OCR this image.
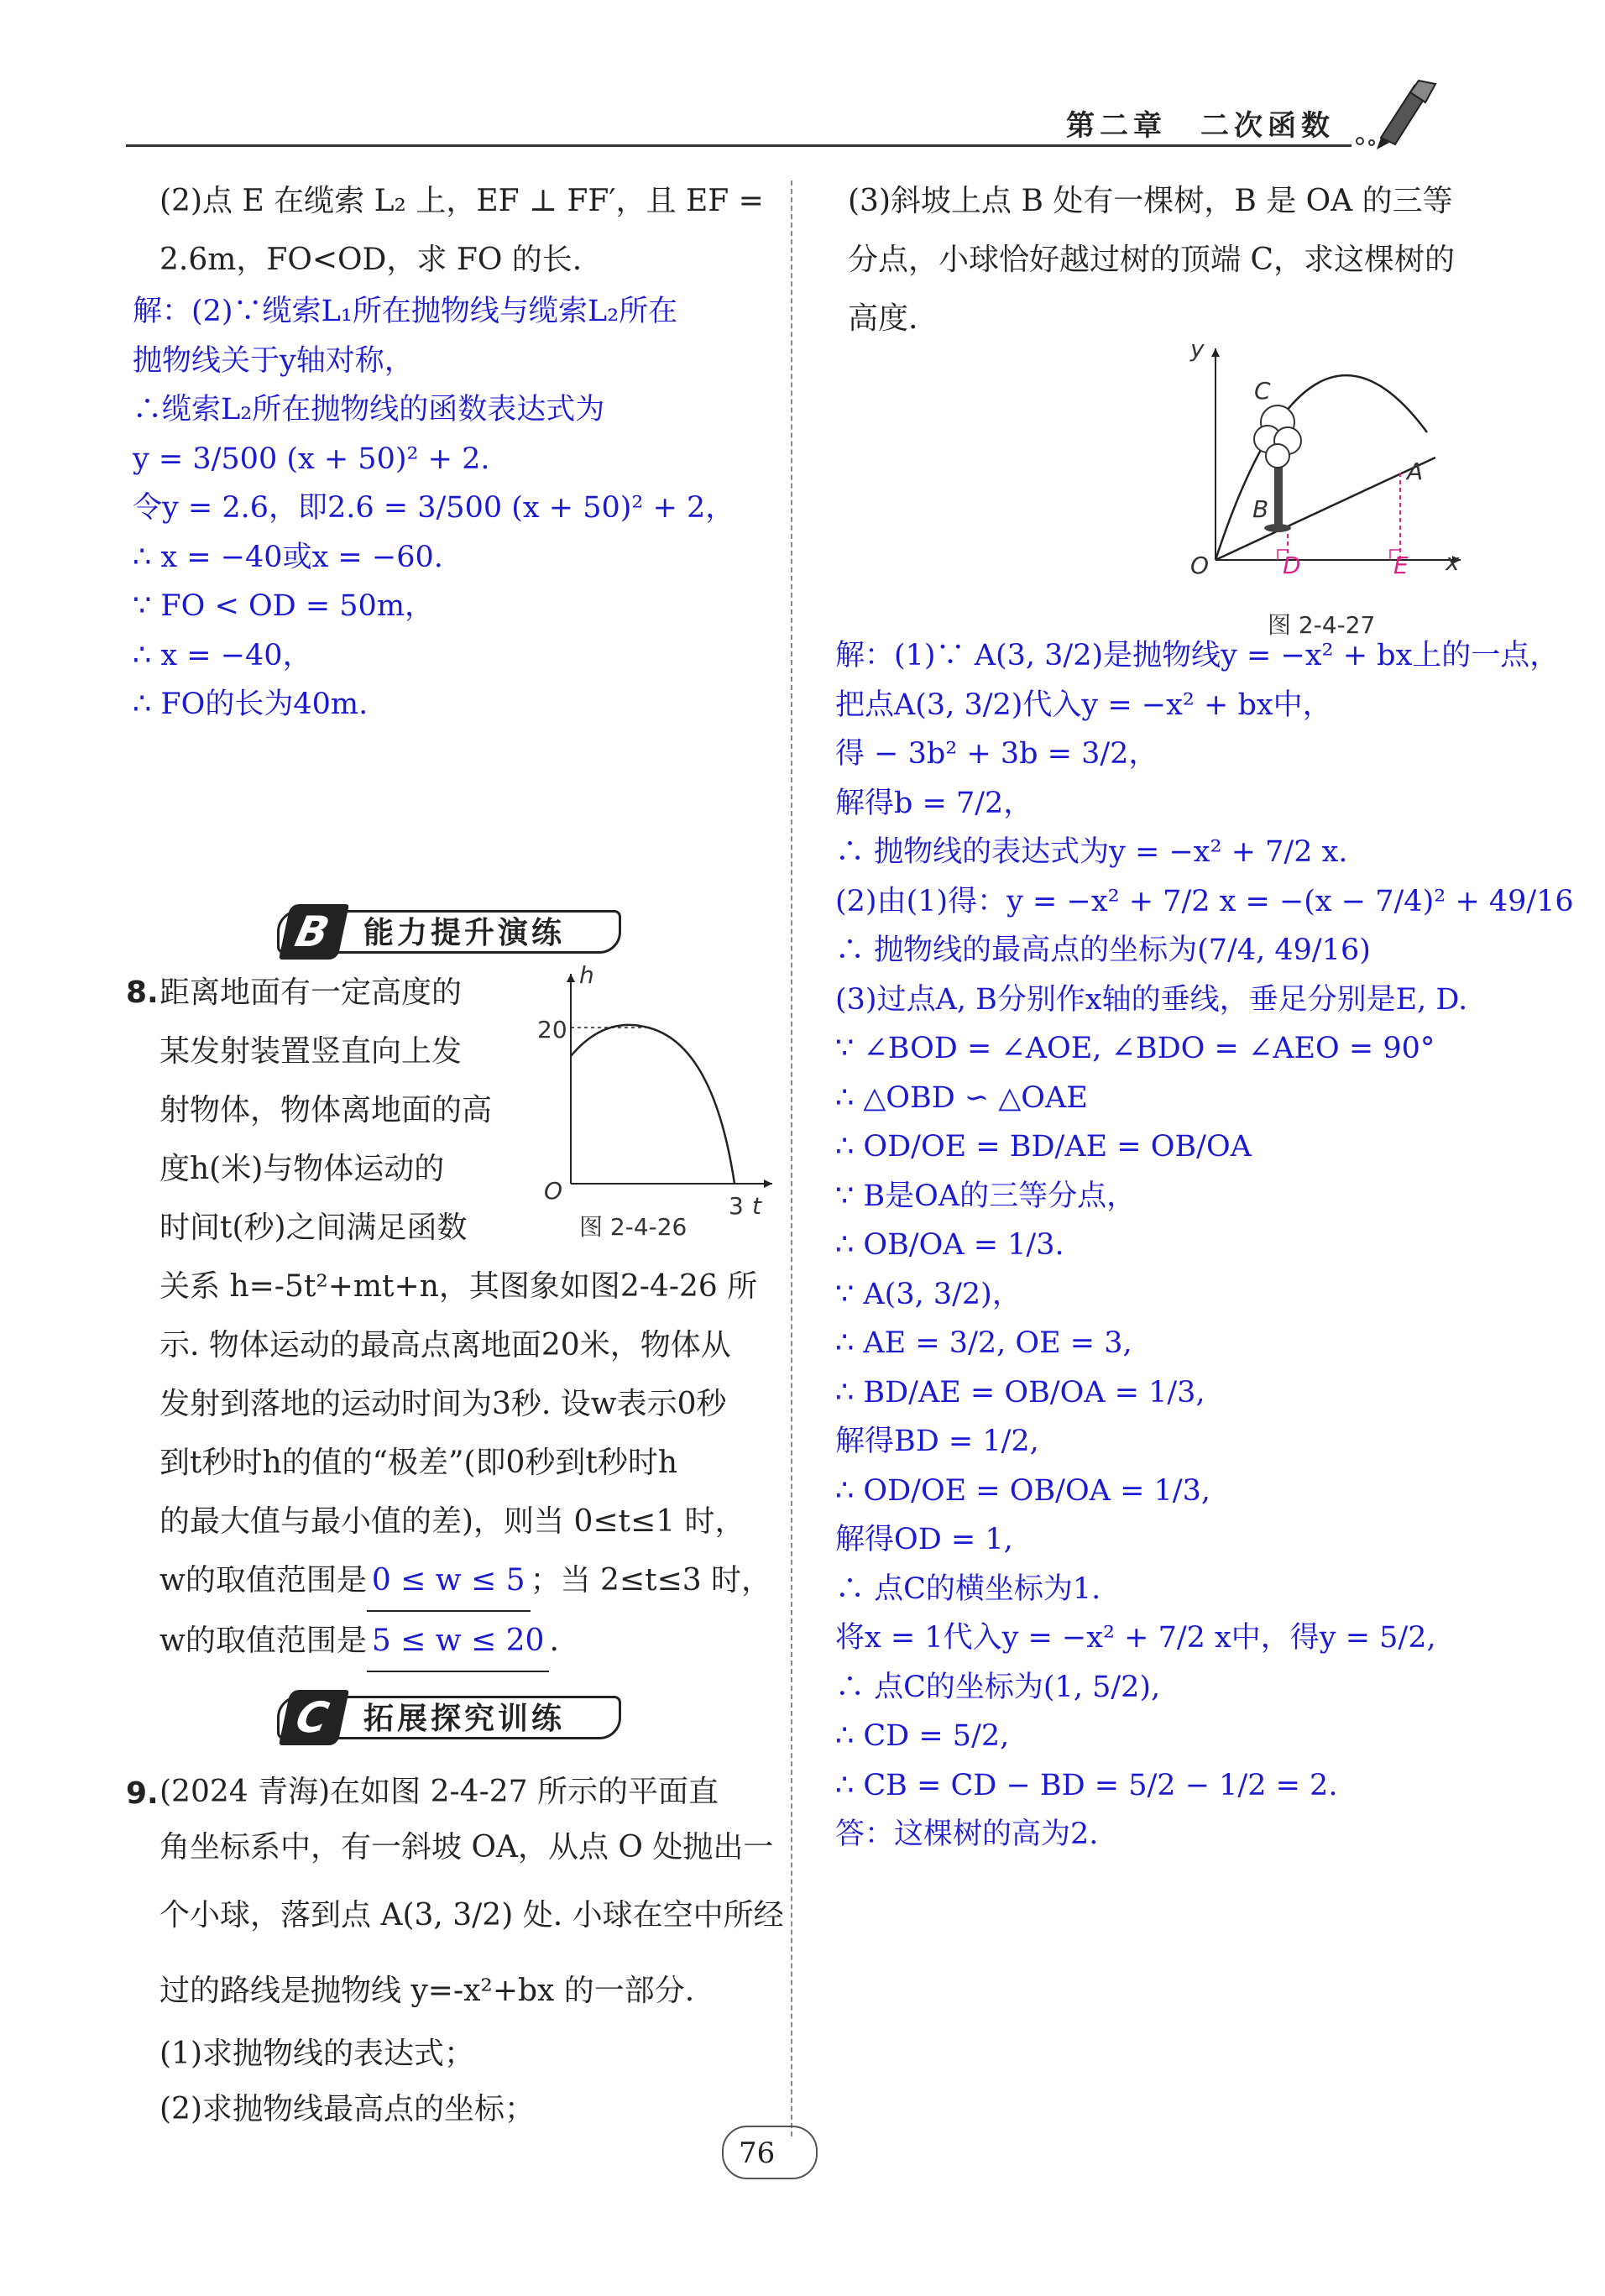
第二章　二次函数

(2)点 E 在缆索 L₂ 上，EF ⊥ FF′，且 EF =

2.6m，FO<OD，求 FO 的长.

解：(2)∵缆索L₁所在抛物线与缆索L₂所在

抛物线关于y轴对称，

∴缆索L₂所在抛物线的函数表达式为

y = 3/500 (x + 50)² + 2.

令y = 2.6，即2.6 = 3/500 (x + 50)² + 2，

∴ x = −40或x = −60.

∵ FO < OD = 50m，

∴ x = −40，

∴ FO的长为40m.

B 能力提升演练

8. 距离地面有一定高度的

某发射装置竖直向上发

射物体，物体离地面的高

度h(米)与物体运动的

时间t(秒)之间满足函数

关系 h=-5t²+mt+n，其图象如图2-4-26 所

示. 物体运动的最高点离地面20米，物体从

发射到落地的运动时间为3秒. 设w表示0秒

到t秒时h的值的“极差”(即0秒到t秒时h

的最大值与最小值的差)，则当 0≤t≤1 时，

w的取值范围是 0 ≤ w ≤ 5 ；当 2≤t≤3 时，

w的取值范围是 5 ≤ w ≤ 20 .

20
h
O
3 t
图 2-4-26
C 拓展探究训练

9. (2024 青海)在如图 2-4-27 所示的平面直

角坐标系中，有一斜坡 OA，从点 O 处抛出一

个小球，落到点 A(3, 3/2) 处. 小球在空中所经

过的路线是抛物线 y=-x²+bx 的一部分.

(1)求抛物线的表达式；

(2)求抛物线最高点的坐标；

(3)斜坡上点 B 处有一棵树，B 是 OA 的三等

分点，小球恰好越过树的顶端 C，求这棵树的

高度.

y
O	x
C
A
B
D	E
图 2-4-27

解：(1)∵ A(3, 3/2)是抛物线y = −x² + bx上的一点，

把点A(3, 3/2)代入y = −x² + bx中，

得 − 3b² + 3b = 3/2，

解得b = 7/2，

∴ 抛物线的表达式为y = −x² + 7/2 x.

(2)由(1)得：y = −x² + 7/2 x = −(x − 7/4)² + 49/16

∴ 抛物线的最高点的坐标为(7/4, 49/16)

(3)过点A, B分别作x轴的垂线，垂足分别是E, D.

∵ ∠BOD = ∠AOE, ∠BDO = ∠AEO = 90°

∴ △OBD ∽ △OAE

∴ OD/OE = BD/AE = OB/OA

∵ B是OA的三等分点，

∴ OB/OA = 1/3.

∵ A(3, 3/2)，

∴ AE = 3/2, OE = 3,

∴ BD/AE = OB/OA = 1/3,

解得BD = 1/2,

∴ OD/OE = OB/OA = 1/3,

解得OD = 1,

∴ 点C的横坐标为1.

将x = 1代入y = −x² + 7/2 x中，得y = 5/2,

∴ 点C的坐标为(1, 5/2),

∴ CD = 5/2,

∴ CB = CD − BD = 5/2 − 1/2 = 2.

答：这棵树的高为2.

76
